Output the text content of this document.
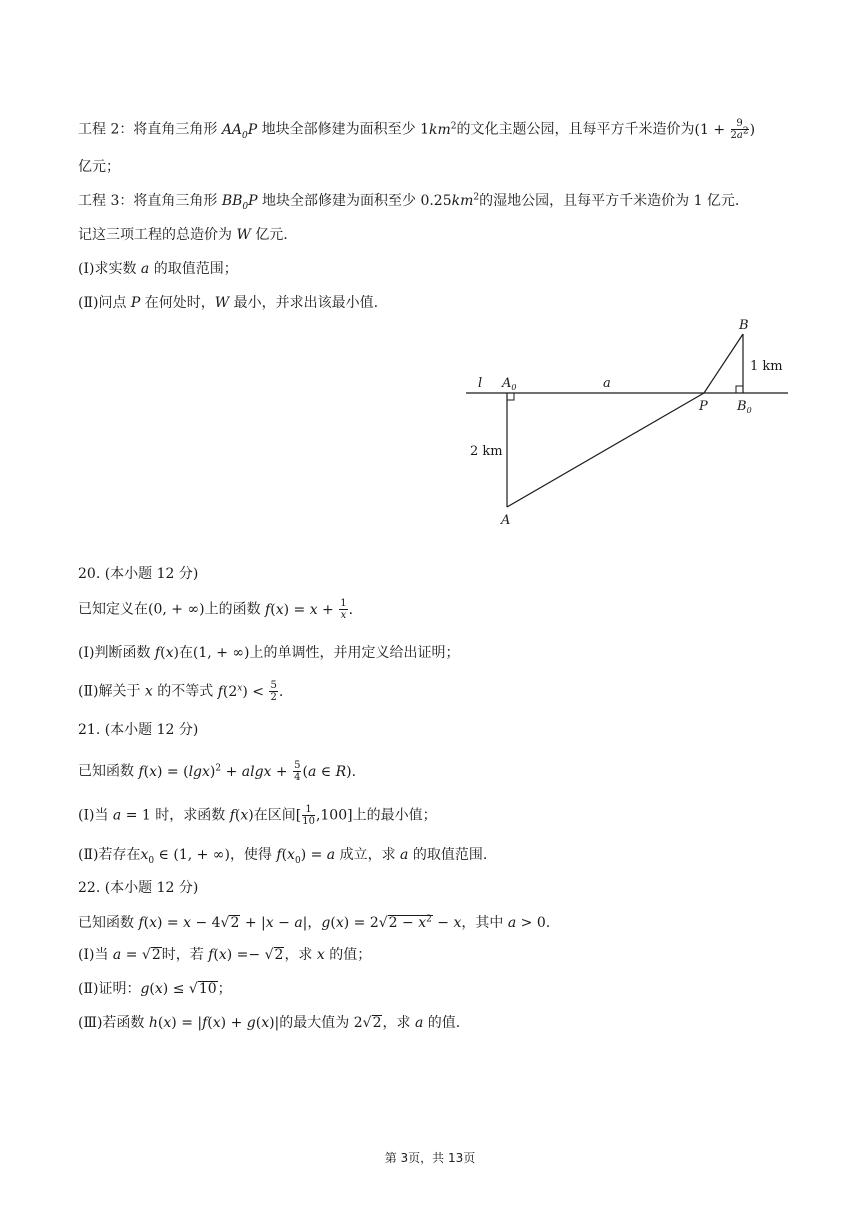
工程 2：将直角三角形 $AA_0P$ 地块全部修建为面积至少 $1km^2$的文化主题公园，且每平方千米造价为($1 + \frac{9}{2a^2}$ )
亿元；
工程 3：将直角三角形 $BB_0P$ 地块全部修建为面积至少 $0.25km^2$的湿地公园，且每平方千米造价为 1 亿元.
记这三项工程的总造价为 W 亿元.
(Ⅰ)求实数 a 的取值范围；
(Ⅱ)问点 P 在何处时，W 最小，并求出该最小值.
l $A_0$	a
P $B_0$
B
A
1 km
2 km
20. (本小题 12 分)
已知定义在(0, + ∞)上的函数 $f(x) = x + \frac{1}{x}$ .
(Ⅰ)判断函数 f(x)在(1, + ∞)上的单调性，并用定义给出证明；
(Ⅱ)解关于 x 的不等式 $f(2^x) < \frac{5}{2}$ .
21. (本小题 12 分)
已知函数 $f(x) = (\lg x)^2 + algx + \frac{5}{4} (a$ ∈ R).
(Ⅰ)当 a = 1 时，求函数 f(x)在区间[ $\frac{1}{10} ,100$]上的最小值；
(Ⅱ)若存在$x_0$ ∈ (1, + ∞)，使得 $f(x_0) = a$ 成立，求 a 的取值范围.
22. (本小题 12 分)
已知函数 f(x) = x − 4√2 + |x − a|，$g(x) = 2√2 - x^2 - x$，其中 a > 0.
(Ⅰ)当 a = √2时，若 f(x) =− √2，求 x 的值；
(Ⅱ)证明：g(x) ≤ √10；
(Ⅲ)若函数 h(x) = |f(x) + g(x)|的最大值为 2√2，求 a 的值.
第 3页，共 13页
